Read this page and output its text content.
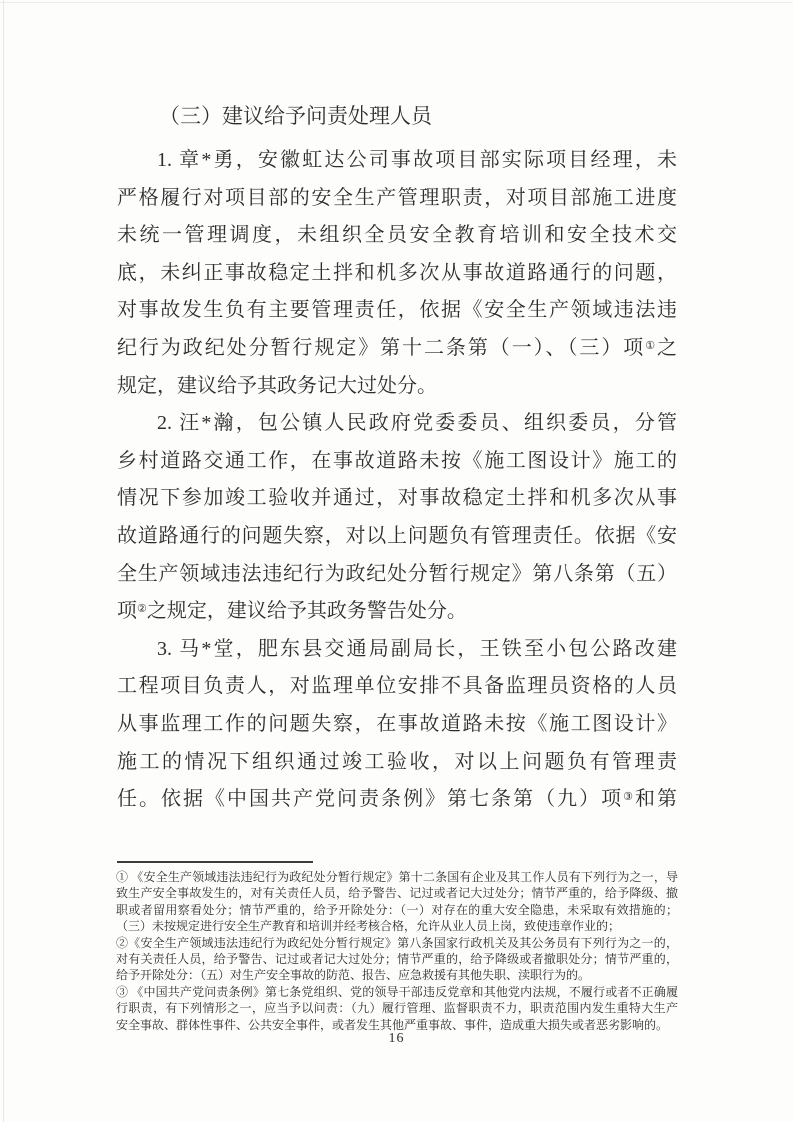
（三）建议给予问责处理人员
1. 章*勇，安徽虹达公司事故项目部实际项目经理，未
严格履行对项目部的安全生产管理职责，对项目部施工进度
未统一管理调度，未组织全员安全教育培训和安全技术交
底，未纠正事故稳定土拌和机多次从事故道路通行的问题，
对事故发生负有主要管理责任，依据《安全生产领域违法违
纪行为政纪处分暂行规定》第十二条第（一）、（三）项①之
规定，建议给予其政务记大过处分。
2. 汪*瀚，包公镇人民政府党委委员、组织委员，分管
乡村道路交通工作，在事故道路未按《施工图设计》施工的
情况下参加竣工验收并通过，对事故稳定土拌和机多次从事
故道路通行的问题失察，对以上问题负有管理责任。依据《安
全生产领域违法违纪行为政纪处分暂行规定》第八条第（五）
项②之规定，建议给予其政务警告处分。
3. 马*堂，肥东县交通局副局长，王铁至小包公路改建
工程项目负责人，对监理单位安排不具备监理员资格的人员
从事监理工作的问题失察，在事故道路未按《施工图设计》
施工的情况下组织通过竣工验收，对以上问题负有管理责
任。依据《中国共产党问责条例》第七条第（九）项③和第
① 《安全生产领域违法违纪行为政纪处分暂行规定》第十二条国有企业及其工作人员有下列行为之一，导
致生产安全事故发生的，对有关责任人员，给予警告、记过或者记大过处分；情节严重的，给予降级、撤
职或者留用察看处分；情节严重的，给予开除处分：（一）对存在的重大安全隐患，未采取有效措施的；
（三）未按规定进行安全生产教育和培训并经考核合格，允许从业人员上岗，致使违章作业的；
②《安全生产领域违法违纪行为政纪处分暂行规定》第八条国家行政机关及其公务员有下列行为之一的，
对有关责任人员，给予警告、记过或者记大过处分；情节严重的，给予降级或者撤职处分；情节严重的，
给予开除处分：（五）对生产安全事故的防范、报告、应急救援有其他失职、渎职行为的。
③ 《中国共产党问责条例》第七条党组织、党的领导干部违反党章和其他党内法规，不履行或者不正确履
行职责，有下列情形之一，应当予以问责：（九）履行管理、监督职责不力，职责范围内发生重特大生产
安全事故、群体性事件、公共安全事件，或者发生其他严重事故、事件，造成重大损失或者恶劣影响的。
16
